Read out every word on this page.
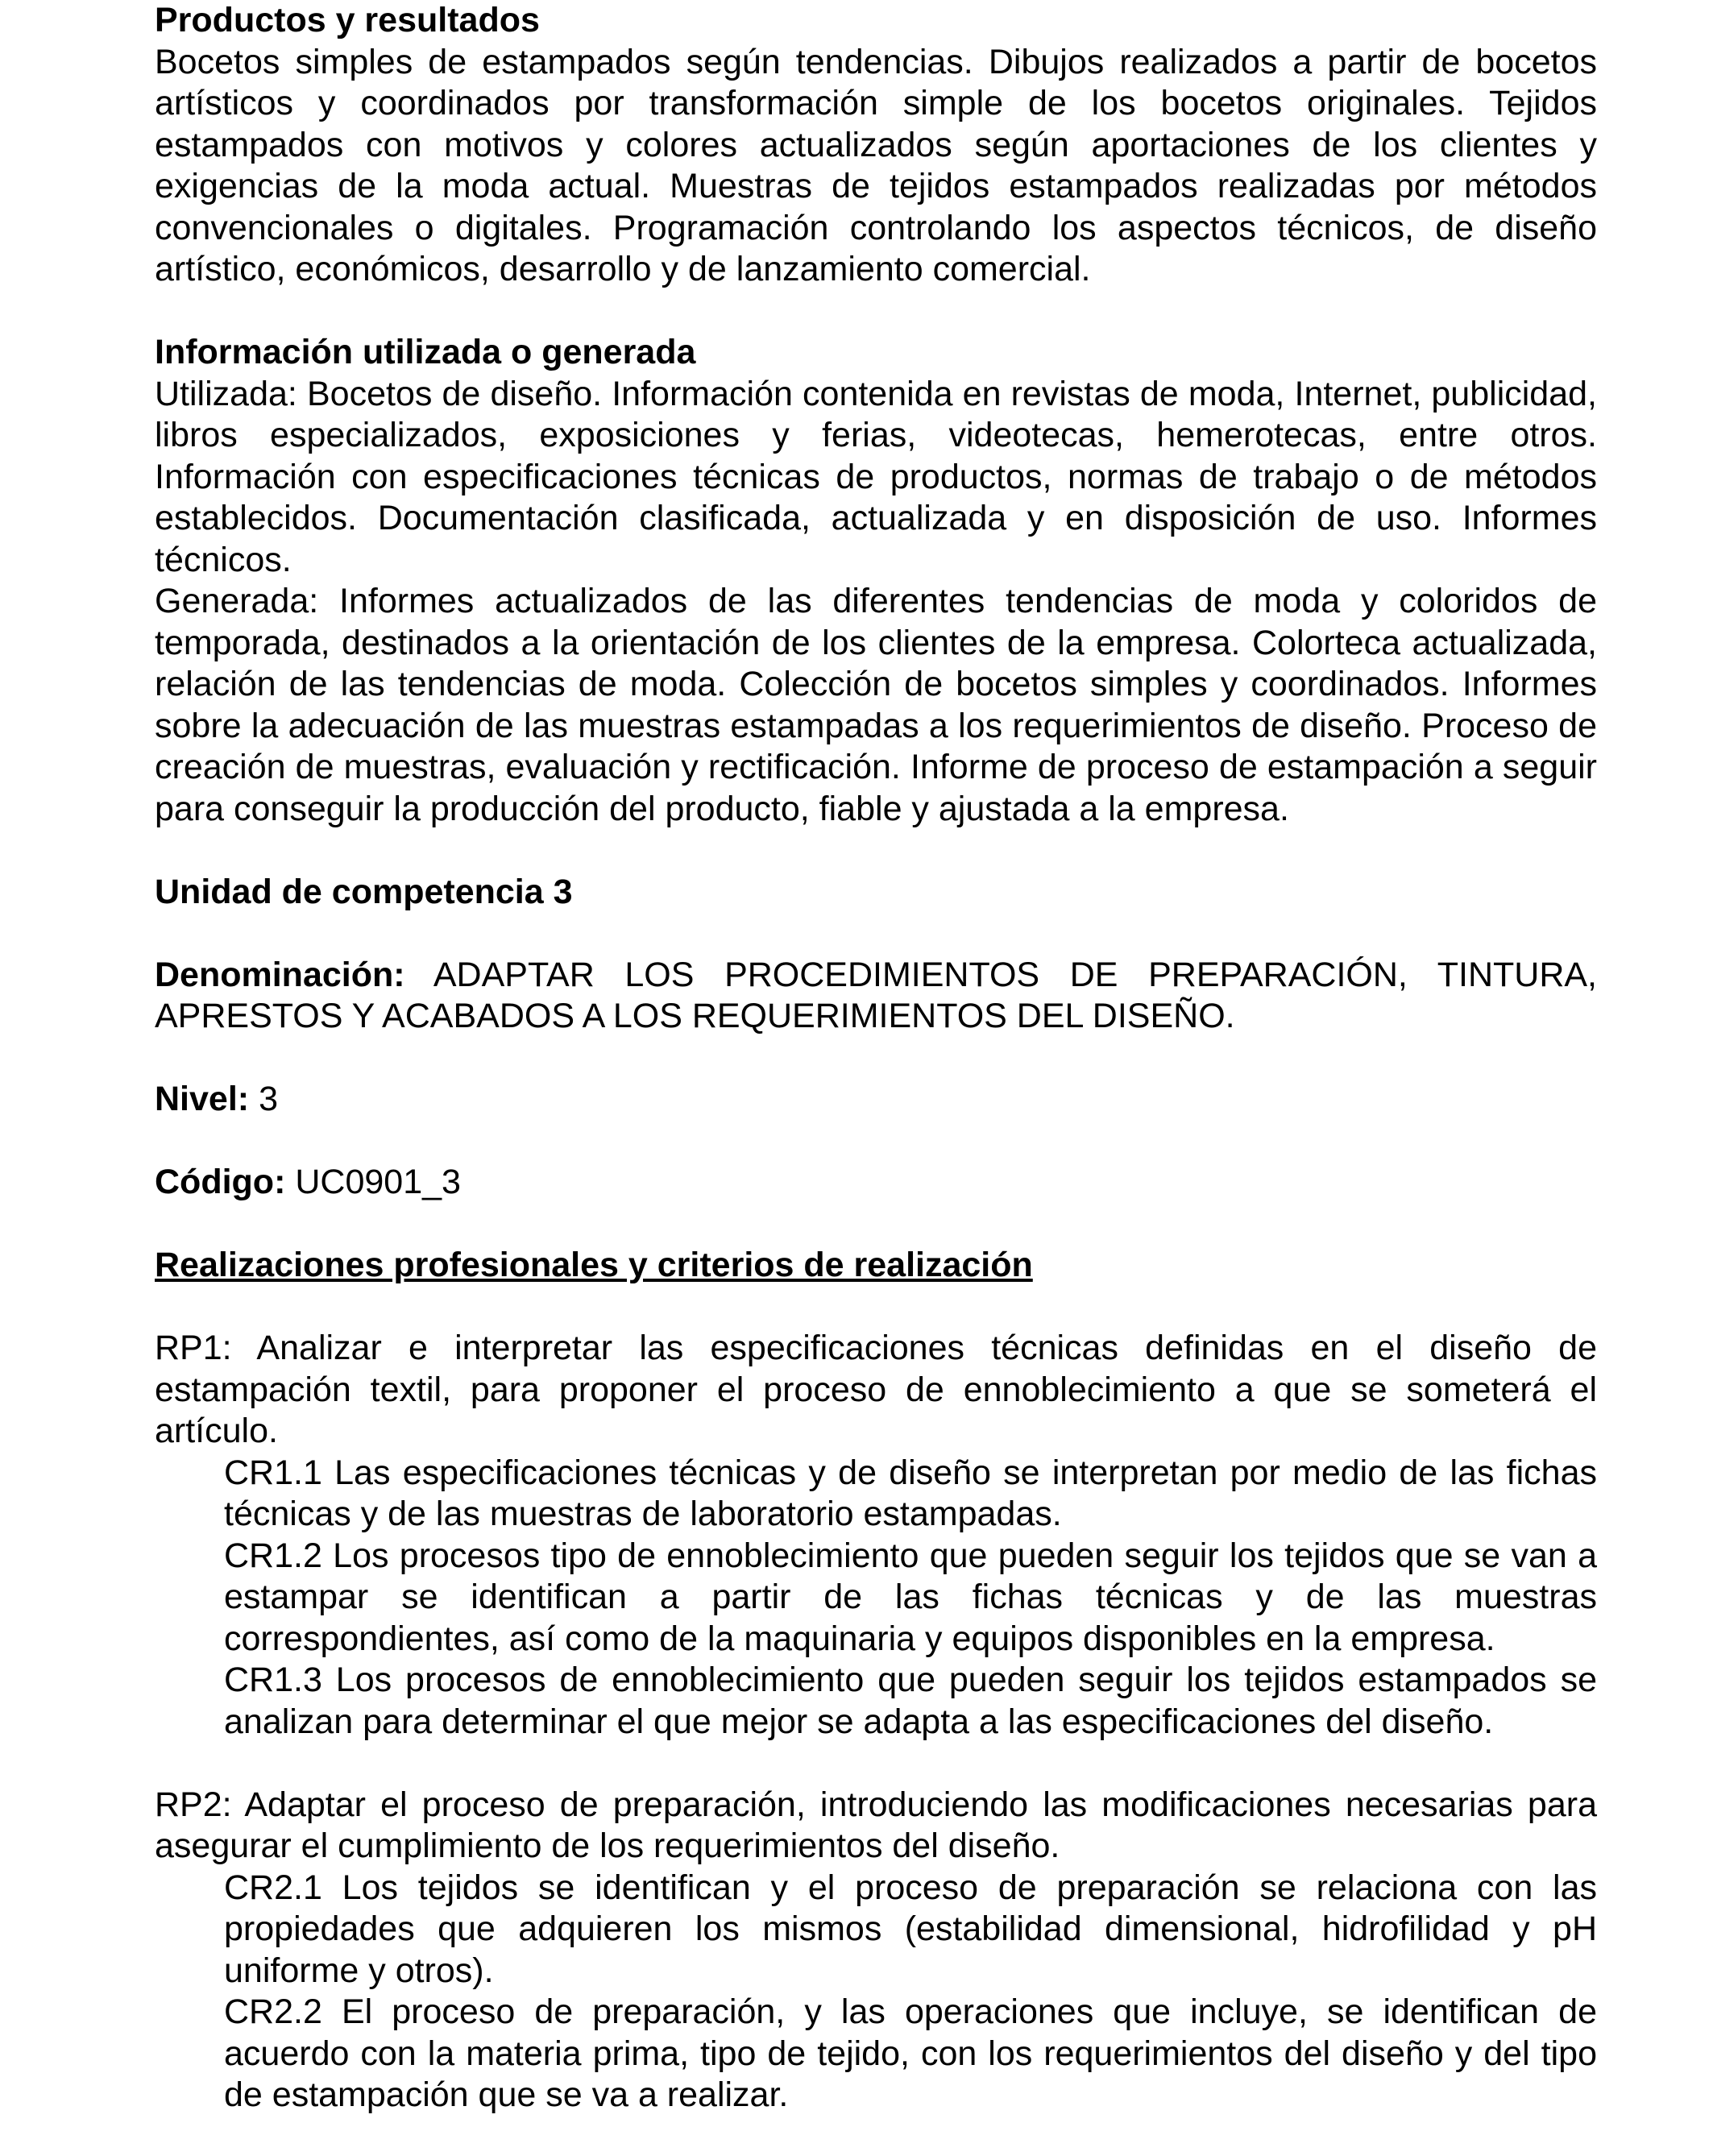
Productos y resultados

Bocetos simples de estampados según tendencias. Dibujos realizados a partir de bocetos artísticos y coordinados por transformación simple de los bocetos originales. Tejidos estampados con motivos y colores actualizados según aportaciones de los clientes y exigencias de la moda actual. Muestras de tejidos estampados realizadas por métodos convencionales o digitales. Programación controlando los aspectos técnicos, de diseño artístico, económicos, desarrollo y de lanzamiento comercial.

Información utilizada o generada

Utilizada: Bocetos de diseño. Información contenida en revistas de moda, Internet, publicidad, libros especializados, exposiciones y ferias, videotecas, hemerotecas, entre otros. Información con especificaciones técnicas de productos, normas de trabajo o de métodos establecidos. Documentación clasificada, actualizada y en disposición de uso. Informes técnicos.

Generada: Informes actualizados de las diferentes tendencias de moda y coloridos de temporada, destinados a la orientación de los clientes de la empresa. Colorteca actualizada, relación de las tendencias de moda. Colección de bocetos simples y coordinados. Informes sobre la adecuación de las muestras estampadas a los requerimientos de diseño. Proceso de creación de muestras, evaluación y rectificación. Informe de proceso de estampación a seguir para conseguir la producción del producto, fiable y ajustada a la empresa.

Unidad de competencia 3

Denominación: ADAPTAR LOS PROCEDIMIENTOS DE PREPARACIÓN, TINTURA, APRESTOS Y ACABADOS A LOS REQUERIMIENTOS DEL DISEÑO.

Nivel: 3

Código: UC0901_3

Realizaciones profesionales y criterios de realización

RP1: Analizar e interpretar las especificaciones técnicas definidas en el diseño de estampación textil, para proponer el proceso de ennoblecimiento a que se someterá el artículo.

CR1.1 Las especificaciones técnicas y de diseño se interpretan por medio de las fichas técnicas y de las muestras de laboratorio estampadas.

CR1.2 Los procesos tipo de ennoblecimiento que pueden seguir los tejidos que se van a estampar se identifican a partir de las fichas técnicas y de las muestras correspondientes, así como de la maquinaria y equipos disponibles en la empresa.

CR1.3 Los procesos de ennoblecimiento que pueden seguir los tejidos estampados se analizan para determinar el que mejor se adapta a las especificaciones del diseño.

RP2: Adaptar el proceso de preparación, introduciendo las modificaciones necesarias para asegurar el cumplimiento de los requerimientos del diseño.

CR2.1 Los tejidos se identifican y el proceso de preparación se relaciona con las propiedades que adquieren los mismos (estabilidad dimensional, hidrofilidad y pH uniforme y otros).

CR2.2 El proceso de preparación, y las operaciones que incluye, se identifican de acuerdo con la materia prima, tipo de tejido, con los requerimientos del diseño y del tipo de estampación que se va a realizar.
